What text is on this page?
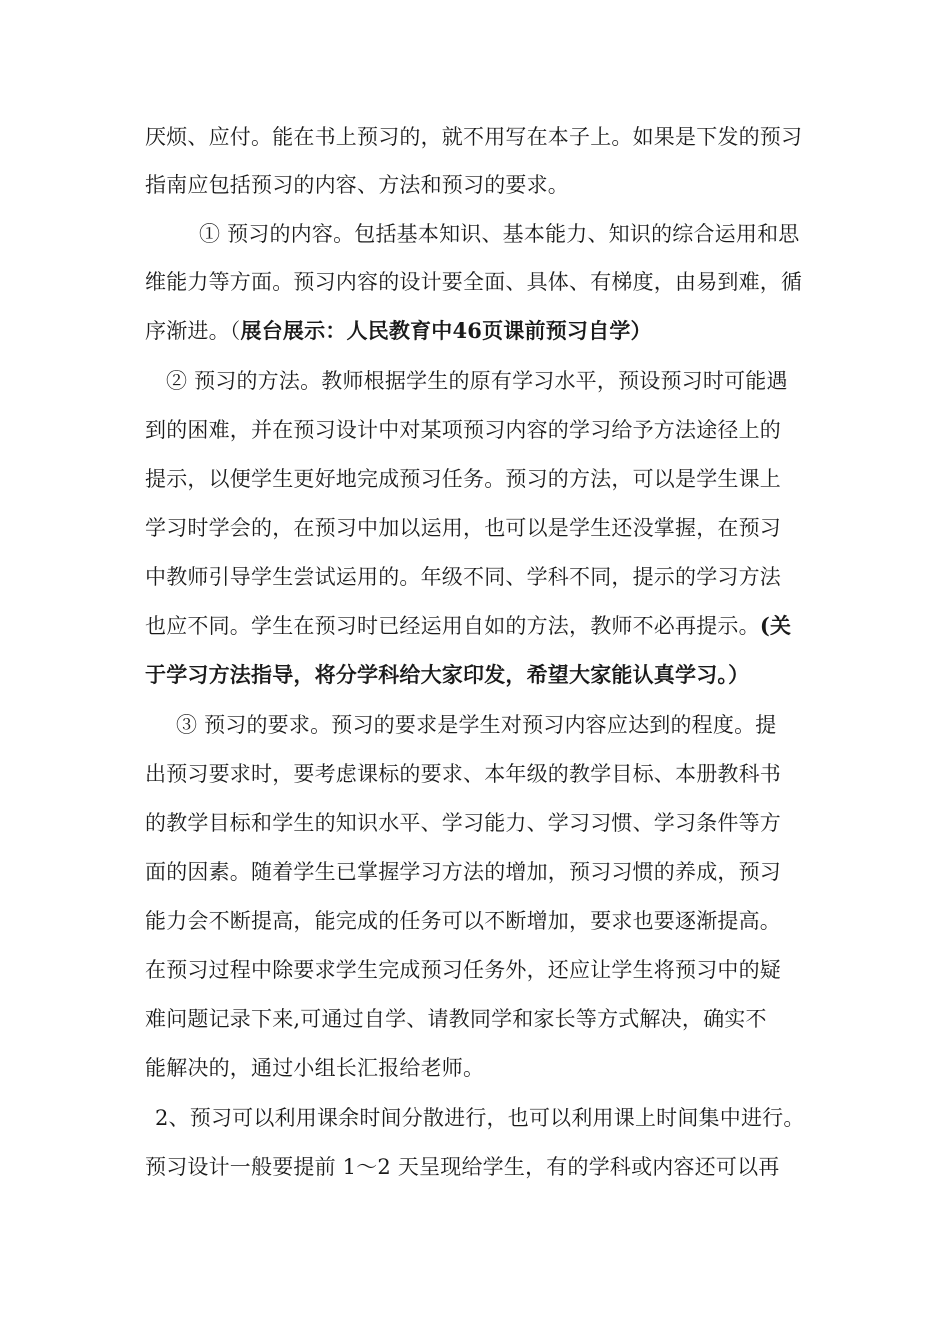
厌烦、应付。能在书上预习的，就不用写在本子上。如果是下发的预习
指南应包括预习的内容、方法和预习的要求。
① 预习的内容。包括基本知识、基本能力、知识的综合运用和思
维能力等方面。预习内容的设计要全面、具体、有梯度，由易到难，循
序渐进。（展台展示：人民教育中46页课前预习自学）
② 预习的方法。教师根据学生的原有学习水平，预设预习时可能遇
到的困难，并在预习设计中对某项预习内容的学习给予方法途径上的
提示，以便学生更好地完成预习任务。预习的方法，可以是学生课上
学习时学会的，在预习中加以运用，也可以是学生还没掌握，在预习
中教师引导学生尝试运用的。年级不同、学科不同，提示的学习方法
也应不同。学生在预习时已经运用自如的方法，教师不必再提示。(关
于学习方法指导，将分学科给大家印发，希望大家能认真学习。）
③ 预习的要求。预习的要求是学生对预习内容应达到的程度。提
出预习要求时，要考虑课标的要求、本年级的教学目标、本册教科书
的教学目标和学生的知识水平、学习能力、学习习惯、学习条件等方
面的因素。随着学生已掌握学习方法的增加，预习习惯的养成，预习
能力会不断提高，能完成的任务可以不断增加，要求也要逐渐提高。
在预习过程中除要求学生完成预习任务外，还应让学生将预习中的疑
难问题记录下来,可通过自学、请教同学和家长等方式解决，确实不
能解决的，通过小组长汇报给老师。
2、预习可以利用课余时间分散进行，也可以利用课上时间集中进行。
预习设计一般要提前 1～2 天呈现给学生，有的学科或内容还可以再
